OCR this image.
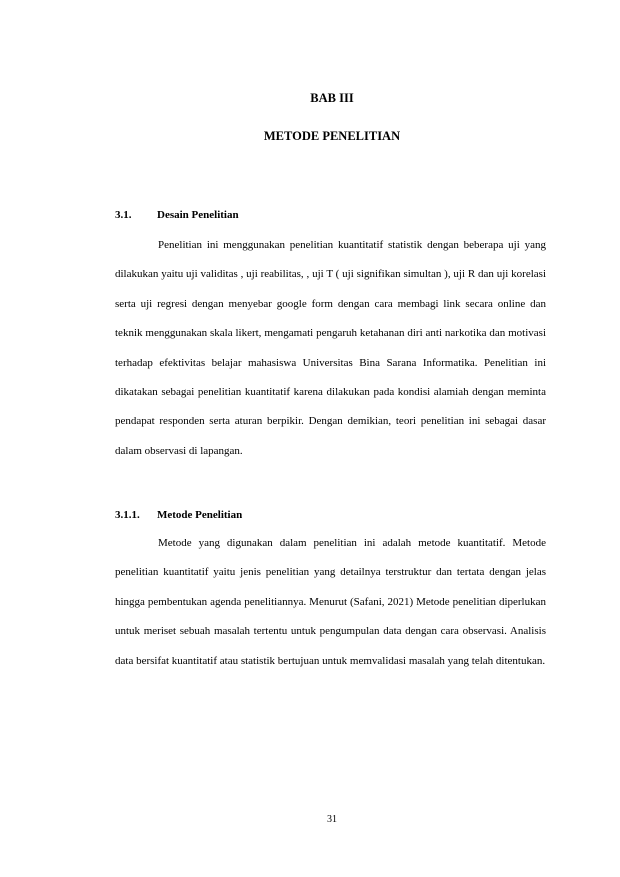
BAB III
METODE PENELITIAN
3.1.	Desain Penelitian

Penelitian ini menggunakan penelitian kuantitatif statistik dengan beberapa uji yang dilakukan yaitu uji validitas , uji reabilitas, , uji T ( uji signifikan simultan ), uji R dan uji korelasi serta uji regresi dengan menyebar google form dengan cara membagi link secara online dan teknik menggunakan skala likert, mengamati pengaruh ketahanan diri anti narkotika dan motivasi terhadap efektivitas belajar mahasiswa Universitas Bina Sarana Informatika. Penelitian ini dikatakan sebagai penelitian kuantitatif karena dilakukan pada kondisi alamiah dengan meminta pendapat responden serta aturan berpikir. Dengan demikian, teori penelitian ini sebagai dasar dalam observasi di lapangan.

3.1.1.	Metode Penelitian

Metode yang digunakan dalam penelitian ini adalah metode kuantitatif. Metode penelitian kuantitatif yaitu jenis penelitian yang detailnya terstruktur dan tertata dengan jelas hingga pembentukan agenda penelitiannya. Menurut (Safani, 2021) Metode penelitian diperlukan untuk meriset sebuah masalah tertentu untuk pengumpulan data dengan cara observasi. Analisis data bersifat kuantitatif atau statistik bertujuan untuk memvalidasi masalah yang telah ditentukan.

31
